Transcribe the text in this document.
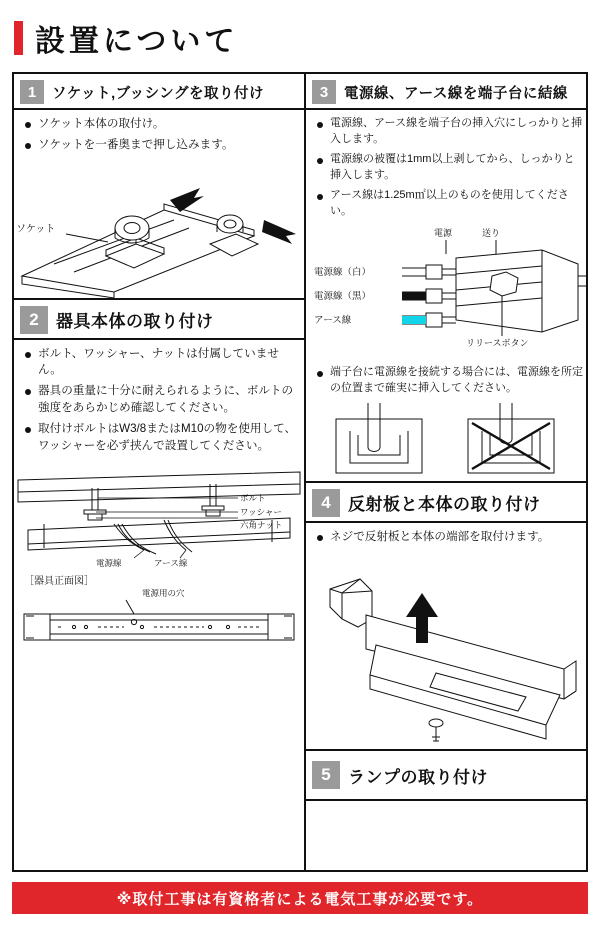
設置について
1	ソケット,ブッシングを取り付け
ソケット本体の取付け。
ソケットを一番奥まで押し込みます。
ソケット
2	器具本体の取り付け
ボルト、ワッシャー、ナットは付属していません。
器具の重量に十分に耐えられるように、ボルトの強度をあらかじめ確認してください。
取付けボルトはW3/8またはM10の物を使用して、ワッシャーを必ず挟んで設置してください。
ボルト
ワッシャー
六角ナット
電源線	アース線
［器具正面図］
電源用の穴
3	電源線、アース線を端子台に結線
電源線、アース線を端子台の挿入穴にしっかりと挿入します。
電源線の被覆は1mm以上剥してから、しっかりと挿入します。
アース線は1.25m㎡以上のものを使用してください。
電源	送り
電源線（白）
電源線（黒）
アース線
リリースボタン
端子台に電源線を接続する場合には、電源線を所定の位置まで確実に挿入してください。
4	反射板と本体の取り付け
ネジで反射板と本体の端部を取付けます。
5	ランプの取り付け
※取付工事は有資格者による電気工事が必要です。
